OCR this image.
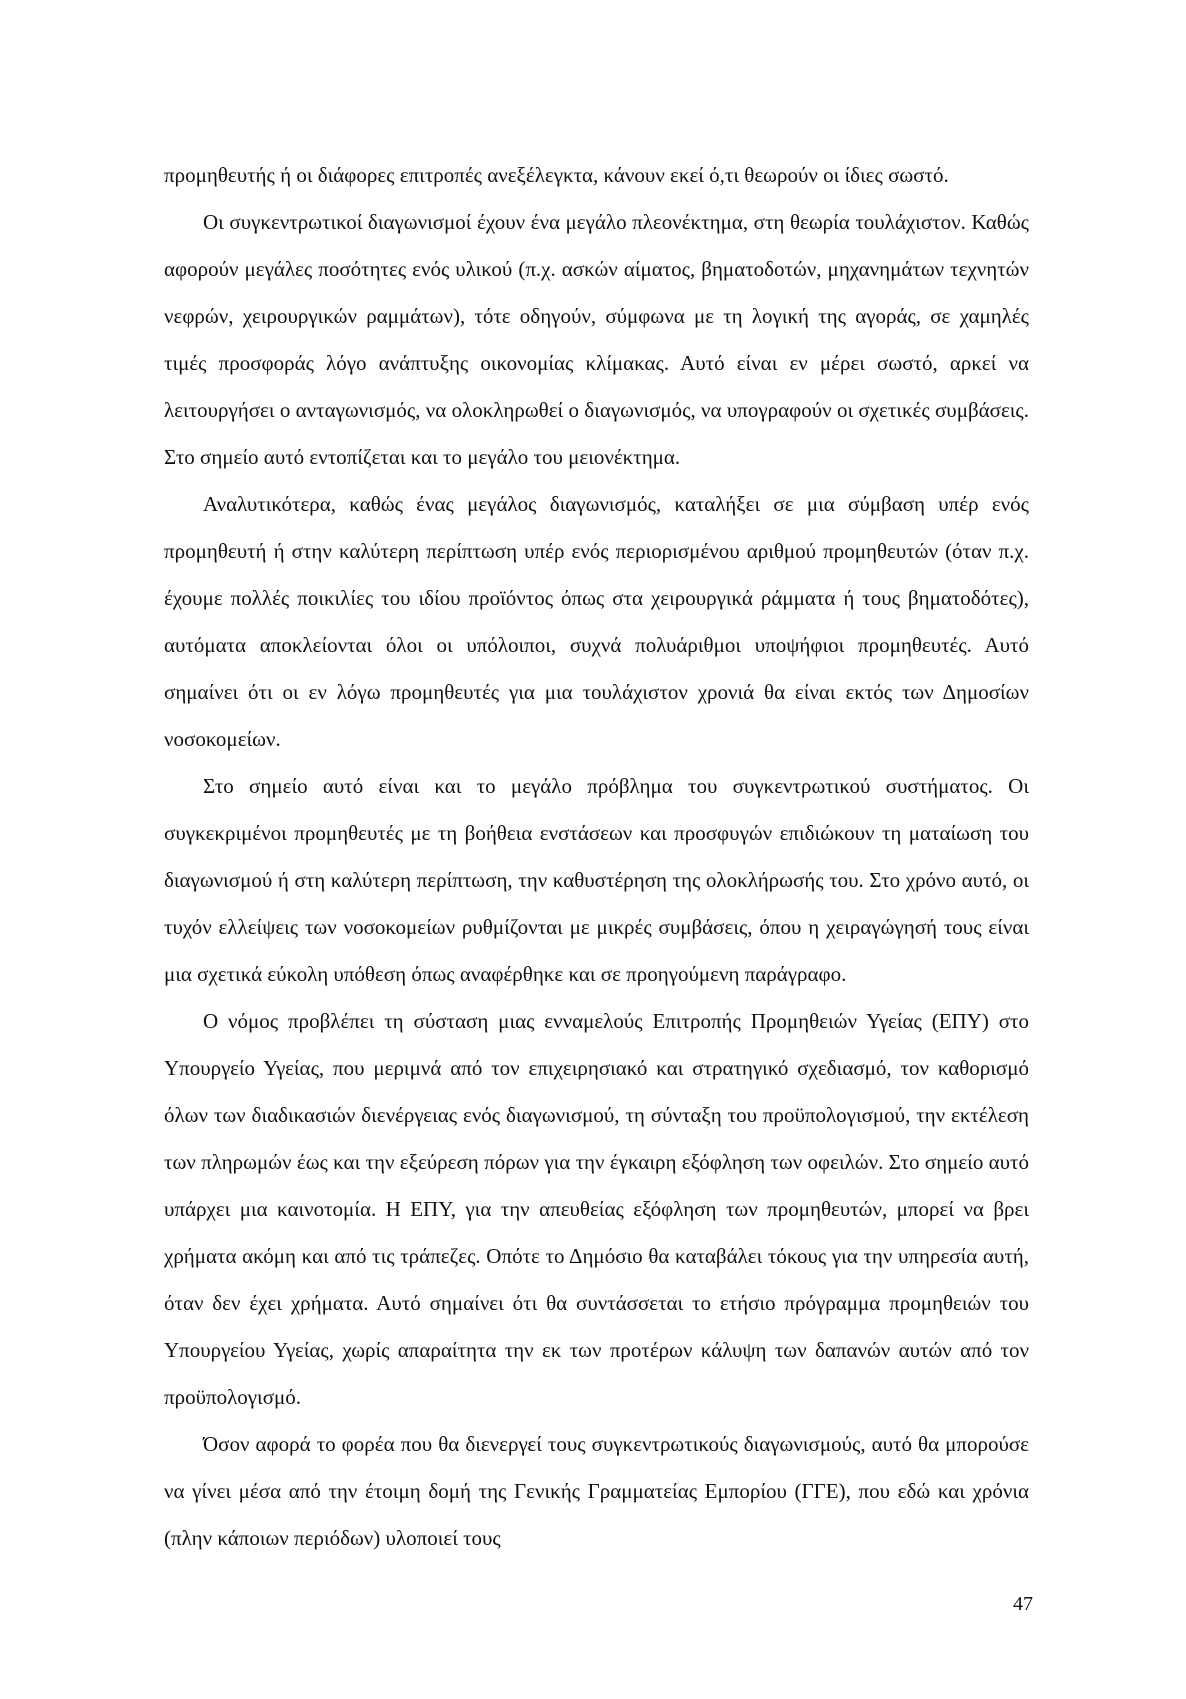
προμηθευτής ή οι διάφορες επιτροπές ανεξέλεγκτα, κάνουν εκεί ό,τι θεωρούν οι ίδιες σωστό.

Οι συγκεντρωτικοί διαγωνισμοί έχουν ένα μεγάλο πλεονέκτημα, στη θεωρία τουλάχιστον. Καθώς αφορούν μεγάλες ποσότητες ενός υλικού (π.χ. ασκών αίματος, βηματοδοτών, μηχανημάτων τεχνητών νεφρών, χειρουργικών ραμμάτων), τότε οδηγούν, σύμφωνα με τη λογική της αγοράς, σε χαμηλές τιμές προσφοράς λόγο ανάπτυξης οικονομίας κλίμακας. Αυτό είναι εν μέρει σωστό, αρκεί να λειτουργήσει ο ανταγωνισμός, να ολοκληρωθεί ο διαγωνισμός, να υπογραφούν οι σχετικές συμβάσεις. Στο σημείο αυτό εντοπίζεται και το μεγάλο του μειονέκτημα.

Αναλυτικότερα, καθώς ένας μεγάλος διαγωνισμός, καταλήξει σε μια σύμβαση υπέρ ενός προμηθευτή ή στην καλύτερη περίπτωση υπέρ ενός περιορισμένου αριθμού προμηθευτών (όταν π.χ. έχουμε πολλές ποικιλίες του ιδίου προϊόντος όπως στα χειρουργικά ράμματα ή τους βηματοδότες), αυτόματα αποκλείονται όλοι οι υπόλοιποι, συχνά πολυάριθμοι υποψήφιοι προμηθευτές. Αυτό σημαίνει ότι οι εν λόγω προμηθευτές για μια τουλάχιστον χρονιά θα είναι εκτός των Δημοσίων νοσοκομείων.

Στο σημείο αυτό είναι και το μεγάλο πρόβλημα του συγκεντρωτικού συστήματος. Οι συγκεκριμένοι προμηθευτές με τη βοήθεια ενστάσεων και προσφυγών επιδιώκουν τη ματαίωση του διαγωνισμού ή στη καλύτερη περίπτωση, την καθυστέρηση της ολοκλήρωσής του. Στο χρόνο αυτό, οι τυχόν ελλείψεις των νοσοκομείων ρυθμίζονται με μικρές συμβάσεις, όπου η χειραγώγησή τους είναι μια σχετικά εύκολη υπόθεση όπως αναφέρθηκε και σε προηγούμενη παράγραφο.

Ο νόμος προβλέπει τη σύσταση μιας ενναμελούς Επιτροπής Προμηθειών Υγείας (ΕΠΥ) στο Υπουργείο Υγείας, που μεριμνά από τον επιχειρησιακό και στρατηγικό σχεδιασμό, τον καθορισμό όλων των διαδικασιών διενέργειας ενός διαγωνισμού, τη σύνταξη του προϋπολογισμού, την εκτέλεση των πληρωμών έως και την εξεύρεση πόρων για την έγκαιρη εξόφληση των οφειλών. Στο σημείο αυτό υπάρχει μια καινοτομία. Η ΕΠΥ, για την απευθείας εξόφληση των προμηθευτών, μπορεί να βρει χρήματα ακόμη και από τις τράπεζες. Οπότε το Δημόσιο θα καταβάλει τόκους για την υπηρεσία αυτή, όταν δεν έχει χρήματα. Αυτό σημαίνει ότι θα συντάσσεται το ετήσιο πρόγραμμα προμηθειών του Υπουργείου Υγείας, χωρίς απαραίτητα την εκ των προτέρων κάλυψη των δαπανών αυτών από τον προϋπολογισμό.

Όσον αφορά το φορέα που θα διενεργεί τους συγκεντρωτικούς διαγωνισμούς, αυτό θα μπορούσε να γίνει μέσα από την έτοιμη δομή της Γενικής Γραμματείας Εμπορίου (ΓΓΕ), που εδώ και χρόνια (πλην κάποιων περιόδων) υλοποιεί τους

47
